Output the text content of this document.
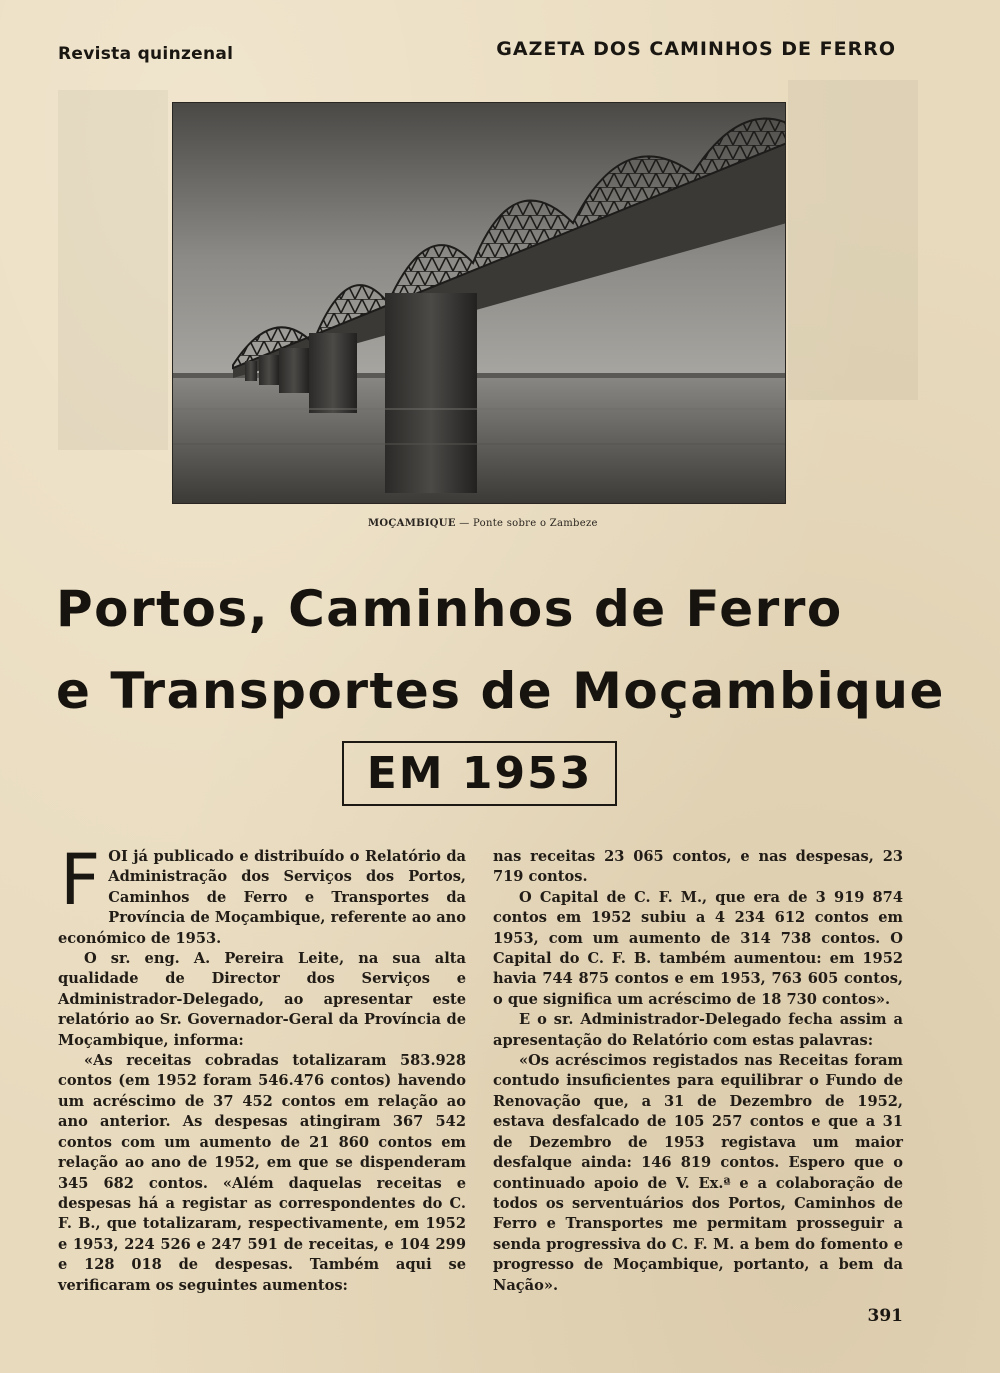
Revista quinzenal	GAZETA DOS CAMINHOS DE FERRO
MOÇAMBIQUE — Ponte sobre o Zambeze
Portos, Caminhos de Ferro
e Transportes de Moçambique
EM 1953

FOI já publicado e distribuído o Relatório da Administração dos Serviços dos Portos, Caminhos de Ferro e Transportes da Província de Moçambique, referente ao ano económico de 1953.

O sr. eng. A. Pereira Leite, na sua alta qualidade de Director dos Serviços e Administrador-Delegado, ao apresentar este relatório ao Sr. Governador-Geral da Província de Moçambique, informa:

«As receitas cobradas totalizaram 583.928 contos (em 1952 foram 546.476 contos) havendo um acréscimo de 37 452 contos em relação ao ano anterior. As despesas atingiram 367 542 contos com um aumento de 21 860 contos em relação ao ano de 1952, em que se dispenderam 345 682 contos. «Além daquelas receitas e despesas há a registar as correspondentes do C. F. B., que totalizaram, respectivamente, em 1952 e 1953, 224 526 e 247 591 de receitas, e 104 299 e 128 018 de despesas. Também aqui se verificaram os seguintes aumentos:

nas receitas 23 065 contos, e nas despesas, 23 719 contos.

O Capital de C. F. M., que era de 3 919 874 contos em 1952 subiu a 4 234 612 contos em 1953, com um aumento de 314 738 contos. O Capital do C. F. B. também aumentou: em 1952 havia 744 875 contos e em 1953, 763 605 contos, o que significa um acréscimo de 18 730 contos».

E o sr. Administrador-Delegado fecha assim a apresentação do Relatório com estas palavras:

«Os acréscimos registados nas Receitas foram contudo insuficientes para equilibrar o Fundo de Renovação que, a 31 de Dezembro de 1952, estava desfalcado de 105 257 contos e que a 31 de Dezembro de 1953 registava um maior desfalque ainda: 146 819 contos. Espero que o continuado apoio de V. Ex.ª e a colaboração de todos os serventuários dos Portos, Caminhos de Ferro e Transportes me permitam prosseguir a senda progressiva do C. F. M. a bem do fomento e progresso de Moçambique, portanto, a bem da Nação».

391
